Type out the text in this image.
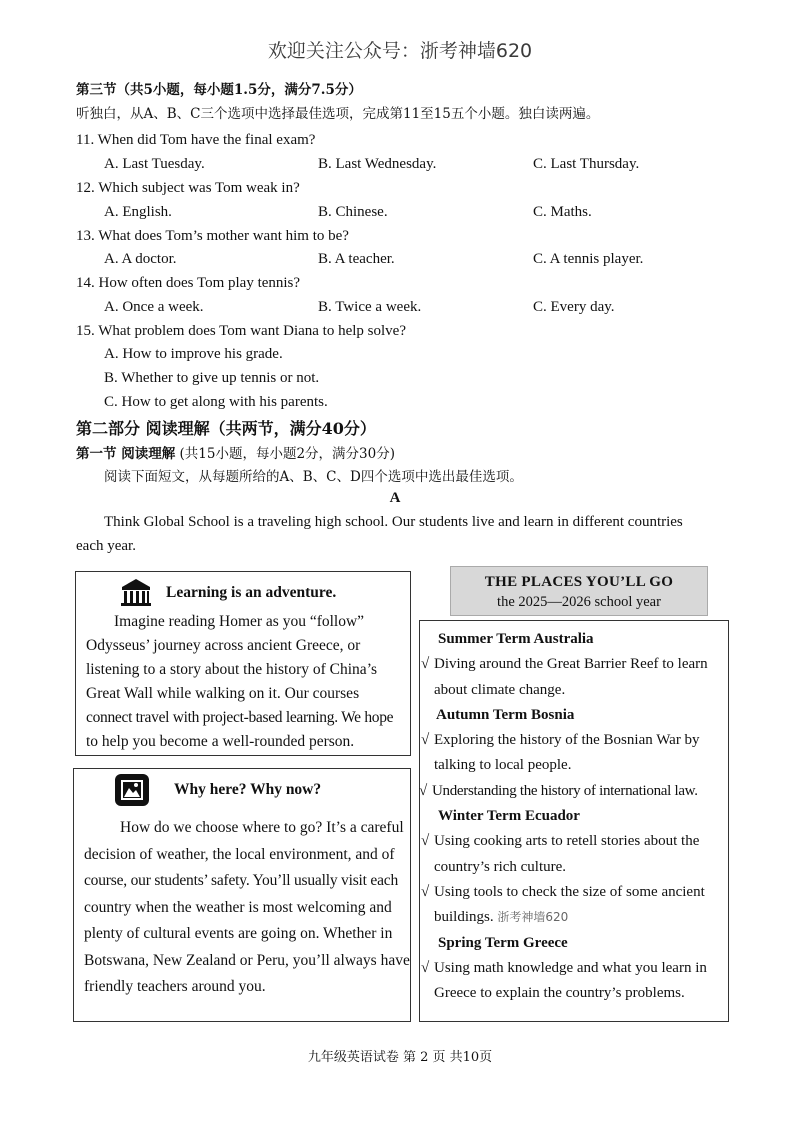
欢迎关注公众号：浙考神墙620
第三节（共5小题，每小题1.5分，满分7.5分）
听独白，从A、B、C三个选项中选择最佳选项，完成第11至15五个小题。独白读两遍。
11. When did Tom have the final exam?
A. Last Tuesday.	B. Last Wednesday.	C. Last Thursday.
12. Which subject was Tom weak in?
A. English.	B. Chinese.	C. Maths.
13. What does Tom’s mother want him to be?
A. A doctor.	B. A teacher.	C. A tennis player.
14. How often does Tom play tennis?
A. Once a week.	B. Twice a week.	C. Every day.
15. What problem does Tom want Diana to help solve?
A. How to improve his grade.
B. Whether to give up tennis or not.
C. How to get along with his parents.
第二部分 阅读理解（共两节，满分40分）
第一节 阅读理解 (共15小题，每小题2分，满分30分)
阅读下面短文，从每题所给的A、B、C、D四个选项中选出最佳选项。
A
Think Global School is a traveling high school. Our students live and learn in different countries
each year.
Learning is an adventure.
Imagine reading Homer as you “follow”
Odysseus’ journey across ancient Greece, or
listening to a story about the history of China’s
Great Wall while walking on it. Our courses
connect travel with project-based learning. We hope
to help you become a well-rounded person.
Why here? Why now?
How do we choose where to go? It’s a careful
decision of weather, the local environment, and of
course, our students’ safety. You’ll usually visit each
country when the weather is most welcoming and
plenty of cultural events are going on. Whether in
Botswana, New Zealand or Peru, you’ll always have
friendly teachers around you.
THE PLACES YOU’LL GO
the 2025—2026 school year
Summer Term Australia
√ Diving around the Great Barrier Reef to learn
about climate change.
Autumn Term Bosnia
√ Exploring the history of the Bosnian War by
talking to local people.
√ Understanding the history of international law.
Winter Term Ecuador
√ Using cooking arts to retell stories about the
country’s rich culture.
√ Using tools to check the size of some ancient
buildings. 浙考神墙620
Spring Term Greece
√ Using math knowledge and what you learn in
Greece to explain the country’s problems.
九年级英语试卷 第 2 页 共10页
